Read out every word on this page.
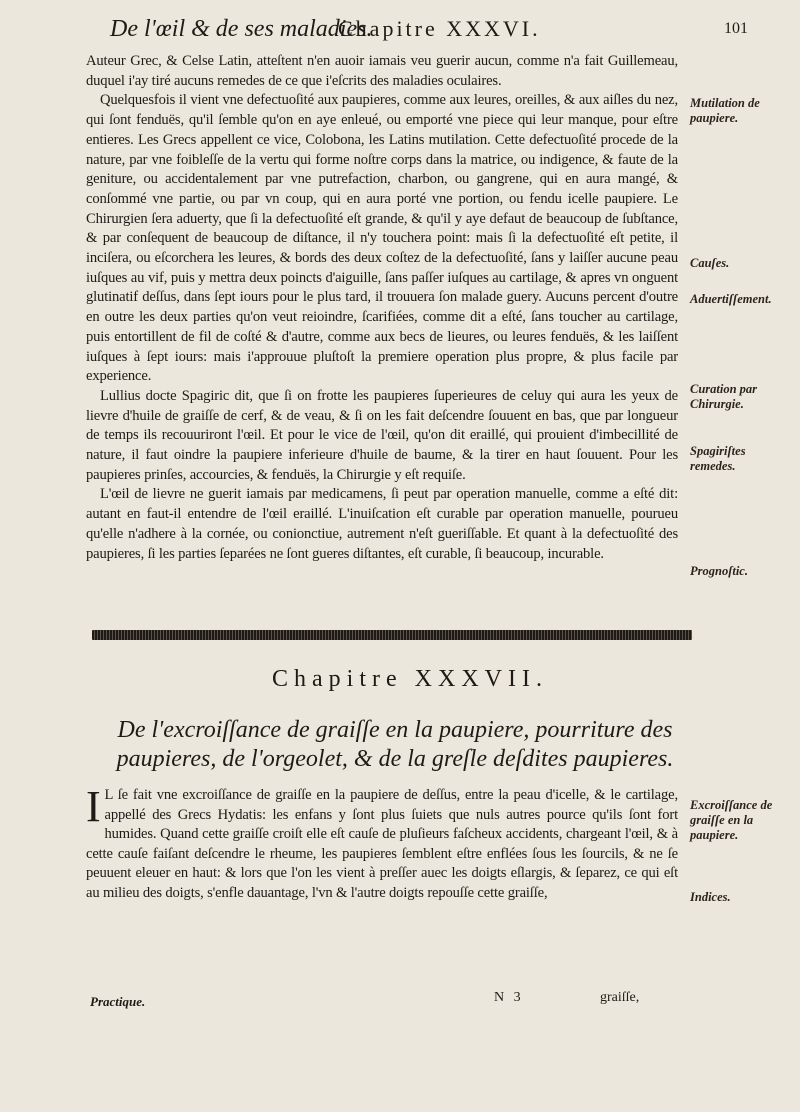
De l'œil & de ses maladies.
Chapitre XXXVI.	101

Auteur Grec, & Celse Latin, atteſtent n'en auoir iamais veu guerir aucun, comme n'a fait Guillemeau, duquel i'ay tiré aucuns remedes de ce que i'eſcrits des maladies oculaires.

Quelquesfois il vient vne defectuoſité aux paupieres, comme aux leures, oreilles, & aux aiſles du nez, qui ſont fenduës, qu'il ſemble qu'on en aye enleué, ou emporté vne piece qui leur manque, pour eſtre entieres. Les Grecs appellent ce vice, Colobona, les Latins mutilation. Cette defectuoſité procede de la nature, par vne foibleſſe de la vertu qui forme noſtre corps dans la matrice, ou indigence, & faute de la geniture, ou accidentalement par vne putrefaction, charbon, ou gangrene, qui en aura mangé, & conſommé vne partie, ou par vn coup, qui en aura porté vne portion, ou fendu icelle paupiere. Le Chirurgien ſera aduerty, que ſi la defectuoſité eſt grande, & qu'il y aye defaut de beaucoup de ſubſtance, & par conſequent de beaucoup de diſtance, il n'y touchera point: mais ſi la defectuoſité eſt petite, il inciſera, ou eſcorchera les leures, & bords des deux coſtez de la defectuoſité, ſans y laiſſer aucune peau iuſques au vif, puis y mettra deux poincts d'aiguille, ſans paſſer iuſques au cartilage, & apres vn onguent glutinatif deſſus, dans ſept iours pour le plus tard, il trouuera ſon malade guery. Aucuns percent d'outre en outre les deux parties qu'on veut reioindre, ſcarifiées, comme dit a eſté, ſans toucher au cartilage, puis entortillent de fil de coſté & d'autre, comme aux becs de lieures, ou leures fenduës, & les laiſſent iuſques à ſept iours: mais i'approuue pluſtoſt la premiere operation plus propre, & plus facile par experience.

Lullius docte Spagiric dit, que ſi on frotte les paupieres ſuperieures de celuy qui aura les yeux de lievre d'huile de graiſſe de cerf, & de veau, & ſi on les fait deſcendre ſouuent en bas, que par longueur de temps ils recouuriront l'œil. Et pour le vice de l'œil, qu'on dit eraillé, qui prouient d'imbecillité de nature, il faut oindre la paupiere inferieure d'huile de baume, & la tirer en haut ſouuent. Pour les paupieres prinſes, accourcies, & fenduës, la Chirurgie y eſt requiſe.

L'œil de lievre ne guerit iamais par medicamens, ſi peut par operation manuelle, comme a eſté dit: autant en faut-il entendre de l'œil eraillé. L'inuiſcation eſt curable par operation manuelle, pourueu qu'elle n'adhere à la cornée, ou conionctiue, autrement n'eſt gueriſſable. Et quant à la defectuoſité des paupieres, ſi les parties ſeparées ne ſont gueres diſtantes, eſt curable, ſi beaucoup, incurable.

Mutilation de paupiere.
Cauſes.
Aduertiſſement.
Curation par Chirurgie.
Spagiriſtes remedes.
Prognoſtic.
Excroiſſance de graiſſe en la paupiere.
Indices.
Chapitre XXXVII.
De l'excroiſſance de graiſſe en la paupiere, pourriture des paupieres, de l'orgeolet, & de la greſle deſdites paupieres.

I L ſe fait vne excroiſſance de graiſſe en la paupiere de deſſus, entre la peau d'icelle, & le cartilage, appellé des Grecs Hydatis: les enfans y ſont plus ſuiets que nuls autres pource qu'ils ſont fort humides. Quand cette graiſſe croiſt elle eſt cauſe de pluſieurs faſcheux accidents, chargeant l'œil, & à cette cauſe faiſant deſcendre le rheume, les paupieres ſemblent eſtre enflées ſous les ſourcils, & ne ſe peuuent eleuer en haut: & lors que l'on les vient à preſſer auec les doigts eſlargis, & ſeparez, ce qui eſt au milieu des doigts, s'enfle dauantage, l'vn & l'autre doigts repouſſe cette graiſſe,

Practique.	N 3	graiſſe,
